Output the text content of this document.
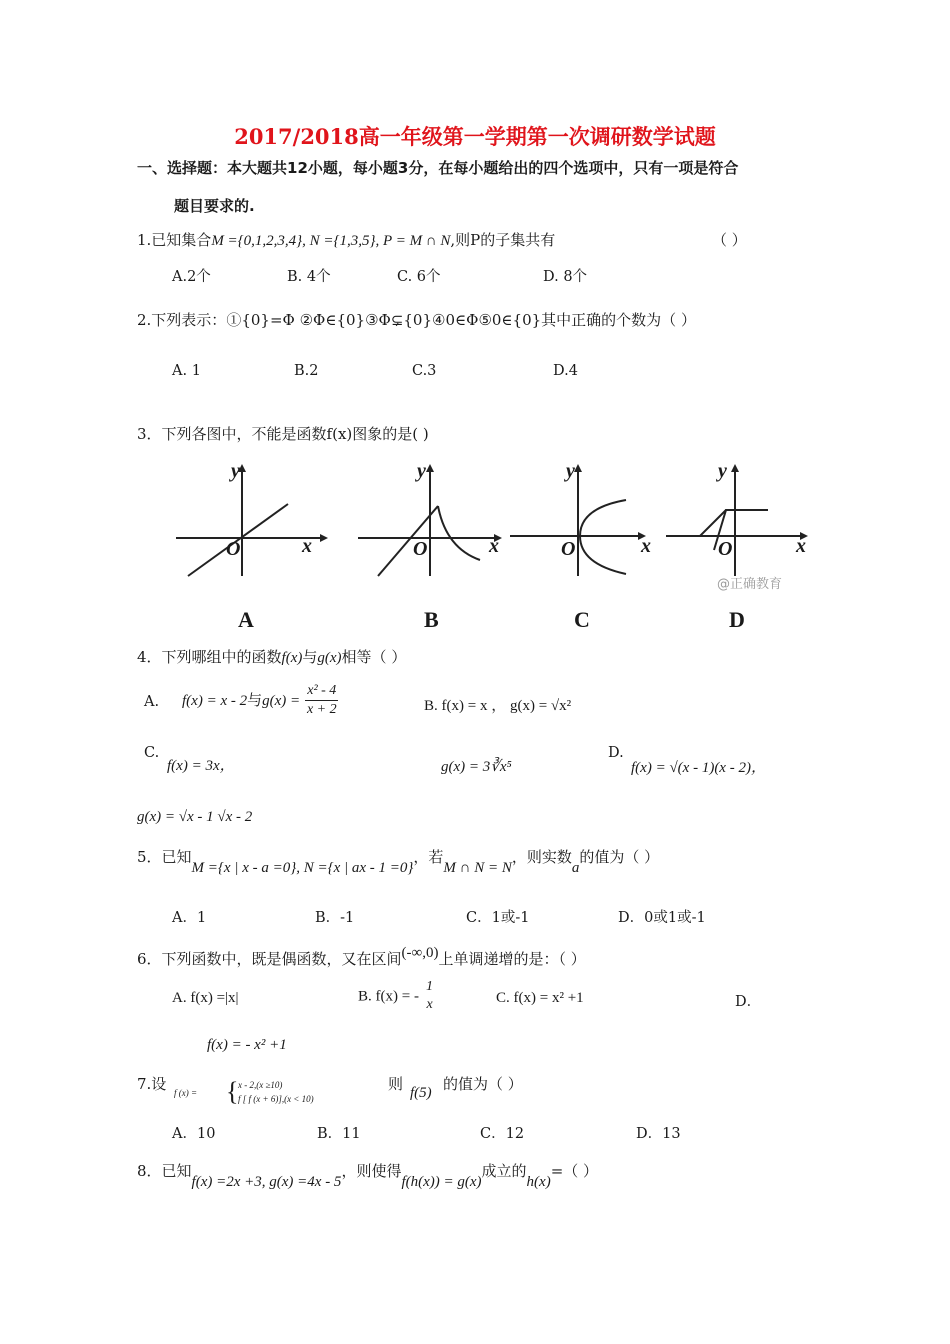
2017/2018高一年级第一学期第一次调研数学试题
一、选择题：本大题共12小题，每小题3分，在每小题给出的四个选项中，只有一项是符合
题目要求的.
1.已知集合M ={0,1,2,3,4}, N ={1,3,5}, P = M ∩ N,则P的子集共有	（ ）
A.2个	B. 4个	C. 6个	D. 8个
2.下列表示：①{0}=Φ ②Φ∈{0}③Φ⊊{0}④0∈Φ⑤0∈{0}其中正确的个数为（ ）
A. 1	B.2	C.3	D.4
3．下列各图中，不能是函数f(x)图象的是( )
y
x
O
A
y
x
O
B
y
x
O
C
y
x
O
D
@正确教育
4．下列哪组中的函数f(x)与g(x)相等（ ）
A. f(x) = x - 2与$g(x) = \frac{\text{x² - 4}}{x + 2}$	B. f(x) = x ， g(x) = √x²
C.
f(x) = 3x，	g(x) = 3∛x⁵
D.
f(x) = √(x - 1)(x - 2)，
g(x) = √x - 1 √x - 2
5．已知M ={x | x - a =0}, N ={x | ax - 1 =0}，若M ∩ N = N，则实数a的值为（ ）
A．1	B．-1	C．1或-1	D．0或1或-1
6．下列函数中，既是偶函数，又在区间(-∞,0)上单调递增的是：（ ）
A. f(x) =|x|	B. f(x) = -
1
x	C. f(x) = x² +1	D．
f(x) = - x² +1
7.设 f (x) = { x - 2,(x ≥10)
f [ f (x + 6)],(x < 10)
则 f(5) 的值为（ ）
A．10	B．11	C．12	D．13
8．已知f(x) =2x +3, g(x) =4x - 5，则使得f(h(x)) = g(x)成立的h(x)=（ ）
